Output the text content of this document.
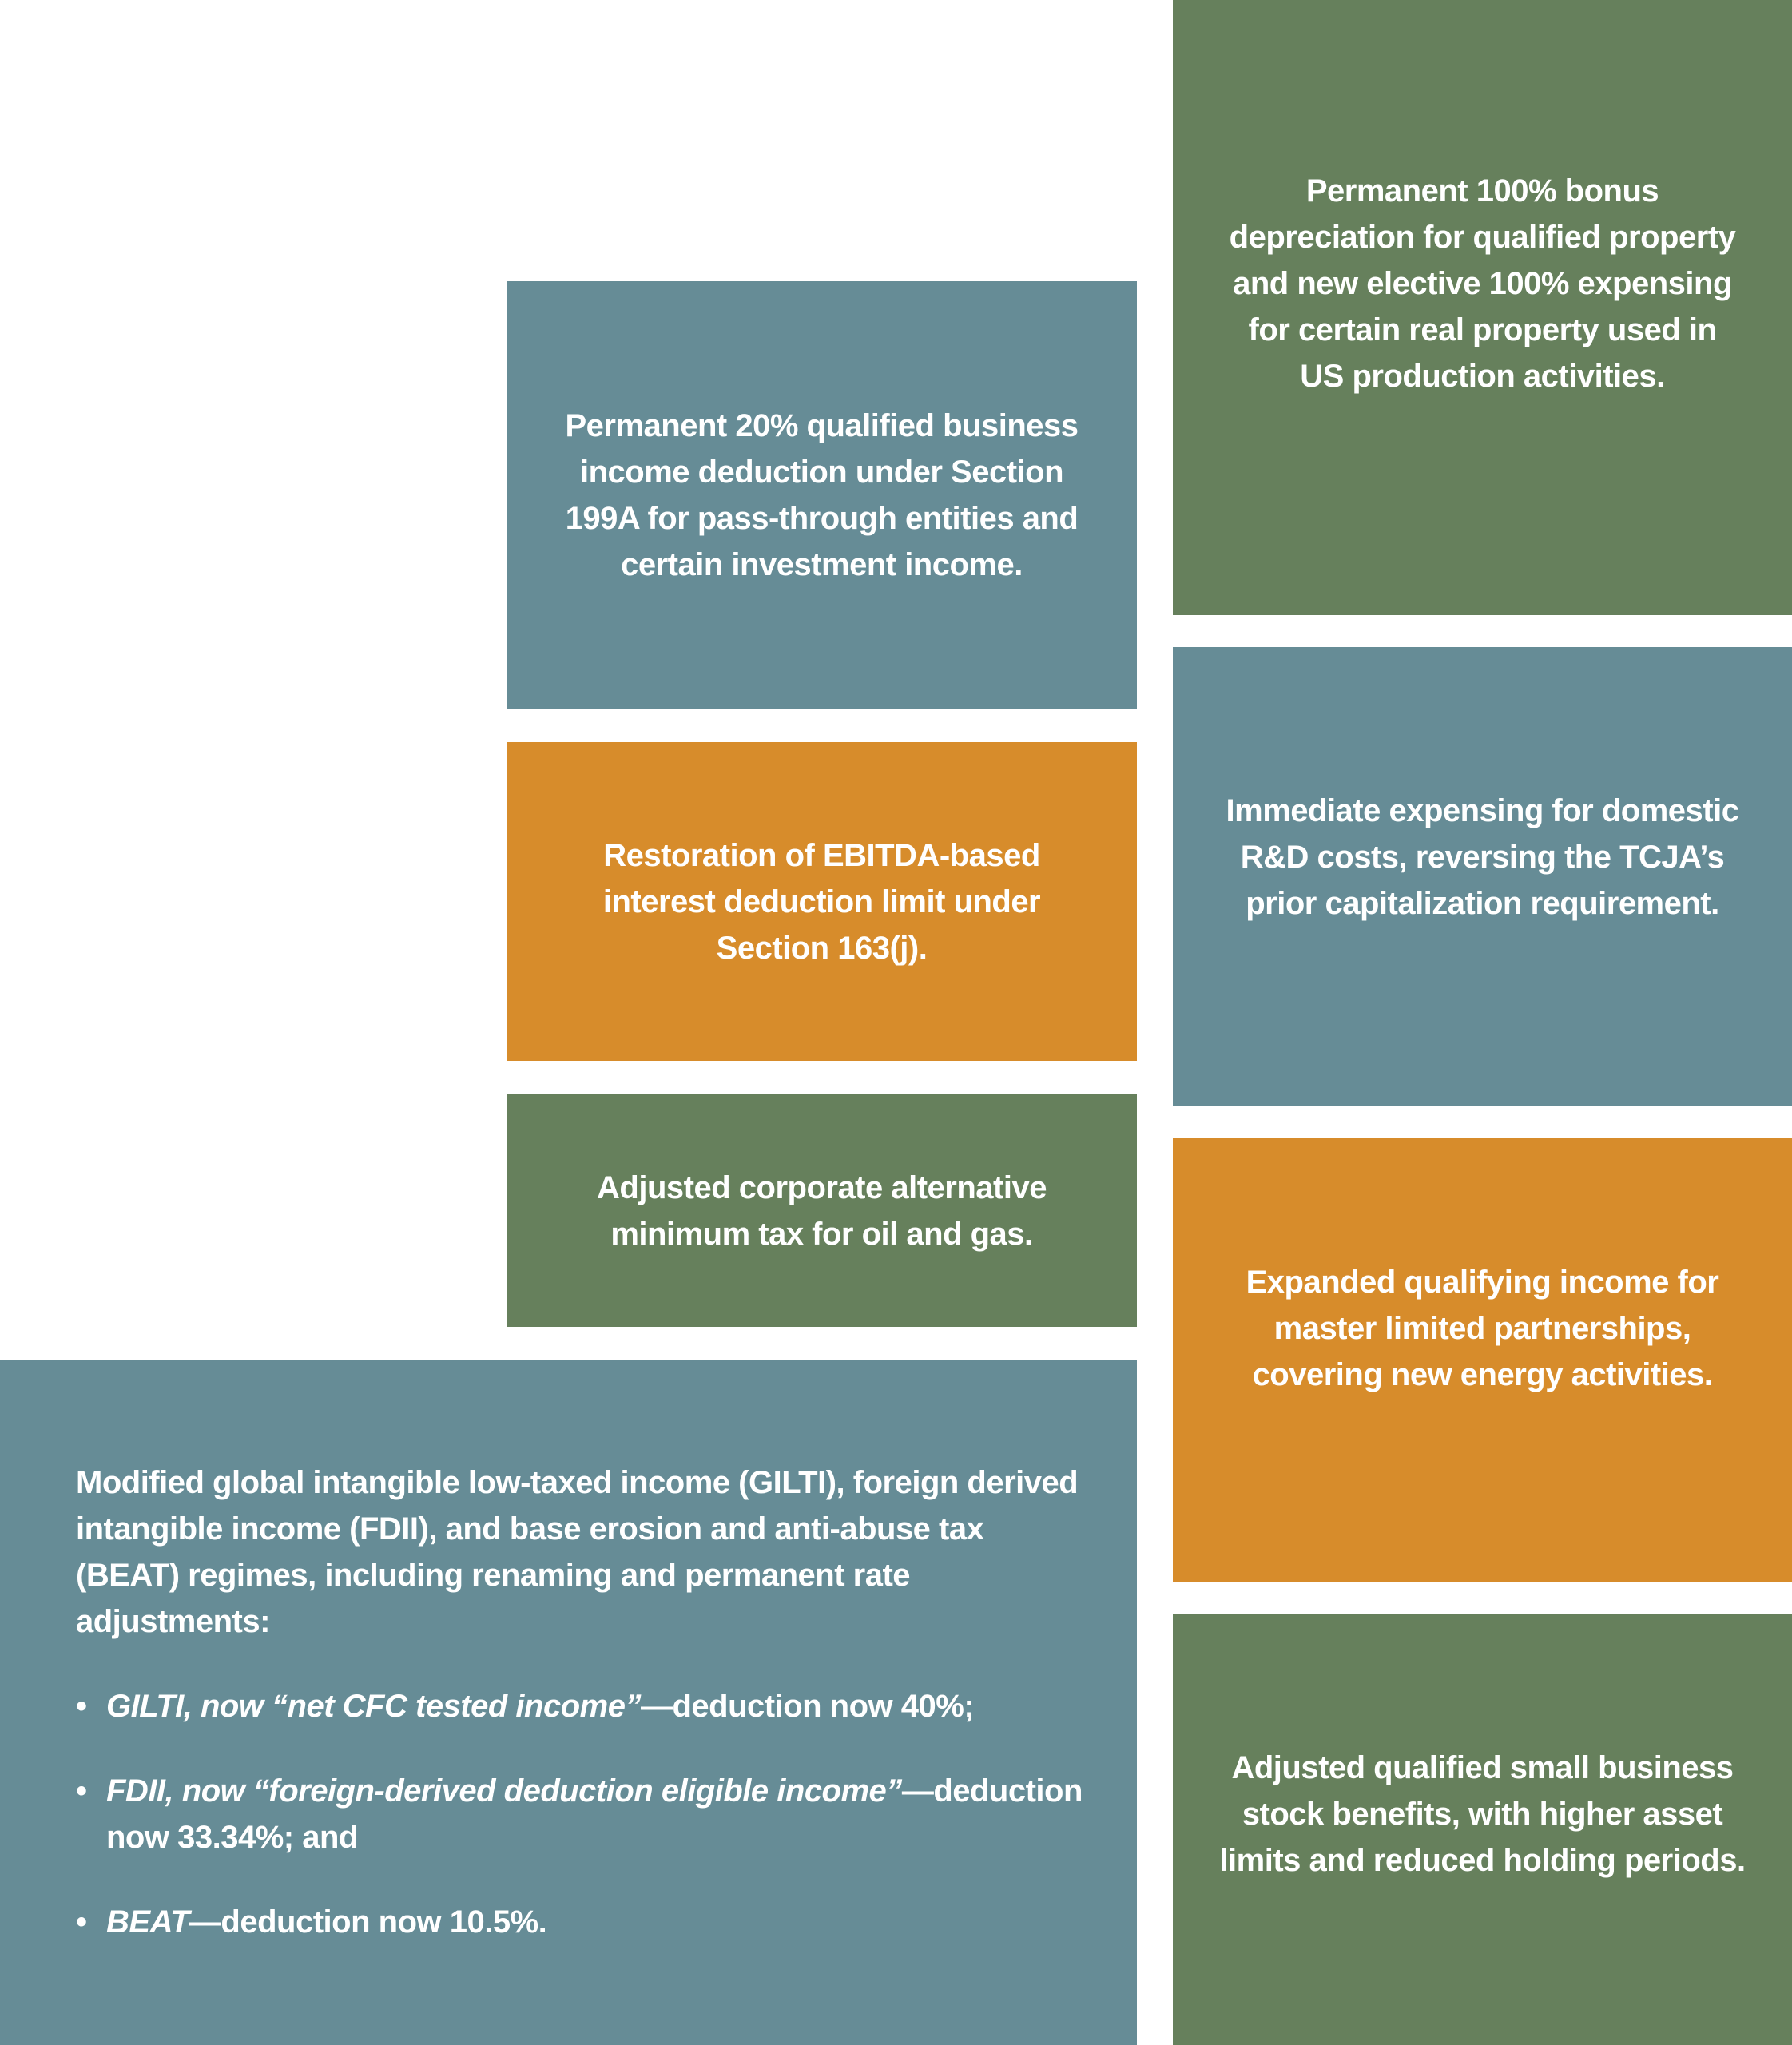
Permanent 20% qualified business income deduction under Section 199A for pass-through entities and certain investment income.
Restoration of EBITDA-based interest deduction limit under Section 163(j).
Adjusted corporate alternative minimum tax for oil and gas.
Permanent 100% bonus depreciation for qualified property and new elective 100% expensing for certain real property used in US production activities.
Immediate expensing for domestic R&D costs, reversing the TCJA’s prior capitalization requirement.
Expanded qualifying income for master limited partnerships, covering new energy activities.
Adjusted qualified small business stock benefits, with higher asset limits and reduced holding periods.

Modified global intangible low-taxed income (GILTI), foreign derived intangible income (FDII), and base erosion and anti-abuse tax (BEAT) regimes, including renaming and permanent rate adjustments:

• GILTI, now “net CFC tested income”—deduction now 40%;
• FDII, now “foreign-derived deduction eligible income”—deduction now 33.34%; and
• BEAT—deduction now 10.5%.
